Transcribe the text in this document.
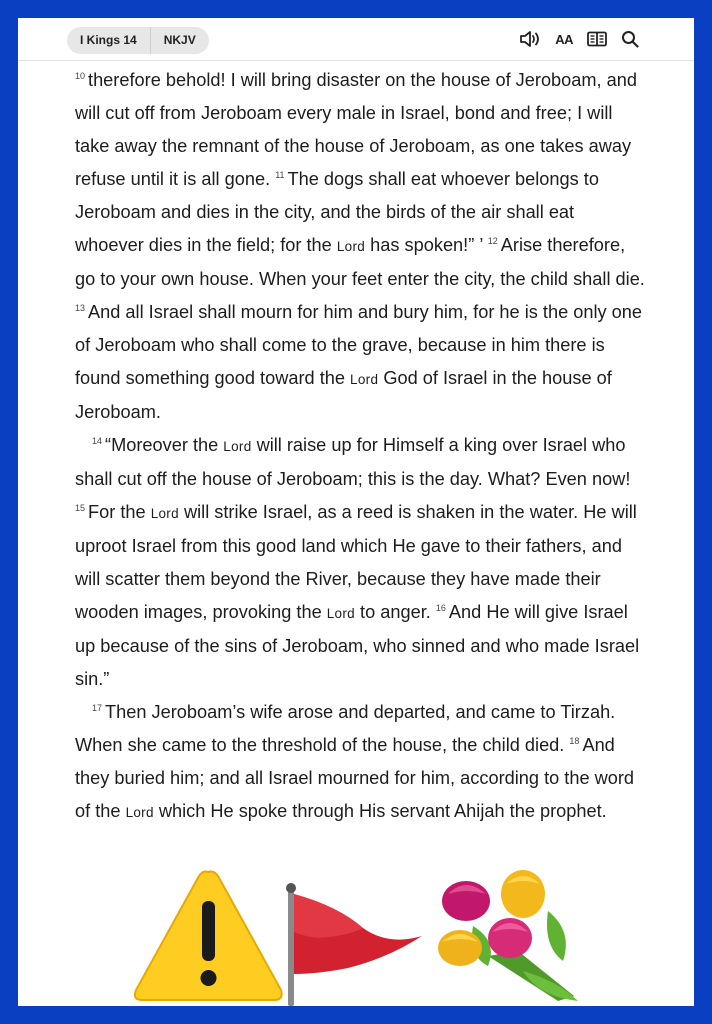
I Kings 14	NKJV	AA

$^{10}$ therefore behold! I will bring disaster on the house of Jeroboam, and will cut off from Jeroboam every male in Israel, bond and free; I will take away the remnant of the house of Jeroboam, as one takes away refuse until it is all gone. $^{11}$ The dogs shall eat whoever belongs to Jeroboam and dies in the city, and the birds of the air shall eat whoever dies in the field; for the Lord has spoken!” ’ $^{12}$ Arise therefore, go to your own house. When your feet enter the city, the child shall die. $^{13}$ And all Israel shall mourn for him and bury him, for he is the only one of Jeroboam who shall come to the grave, because in him there is found something good toward the Lord God of Israel in the house of Jeroboam.

$^{14}$ “Moreover the Lord will raise up for Himself a king over Israel who shall cut off the house of Jeroboam; this is the day. What? Even now! $^{15}$ For the Lord will strike Israel, as a reed is shaken in the water. He will uproot Israel from this good land which He gave to their fathers, and will scatter them beyond the River, because they have made their wooden images, provoking the Lord to anger. $^{16}$ And He will give Israel up because of the sins of Jeroboam, who sinned and who made Israel sin.”

$^{17}$ Then Jeroboam’s wife arose and departed, and came to Tirzah. When she came to the threshold of the house, the child died. $^{18}$ And they buried him; and all Israel mourned for him, according to the word of the Lord which He spoke through His servant Ahijah the prophet.
